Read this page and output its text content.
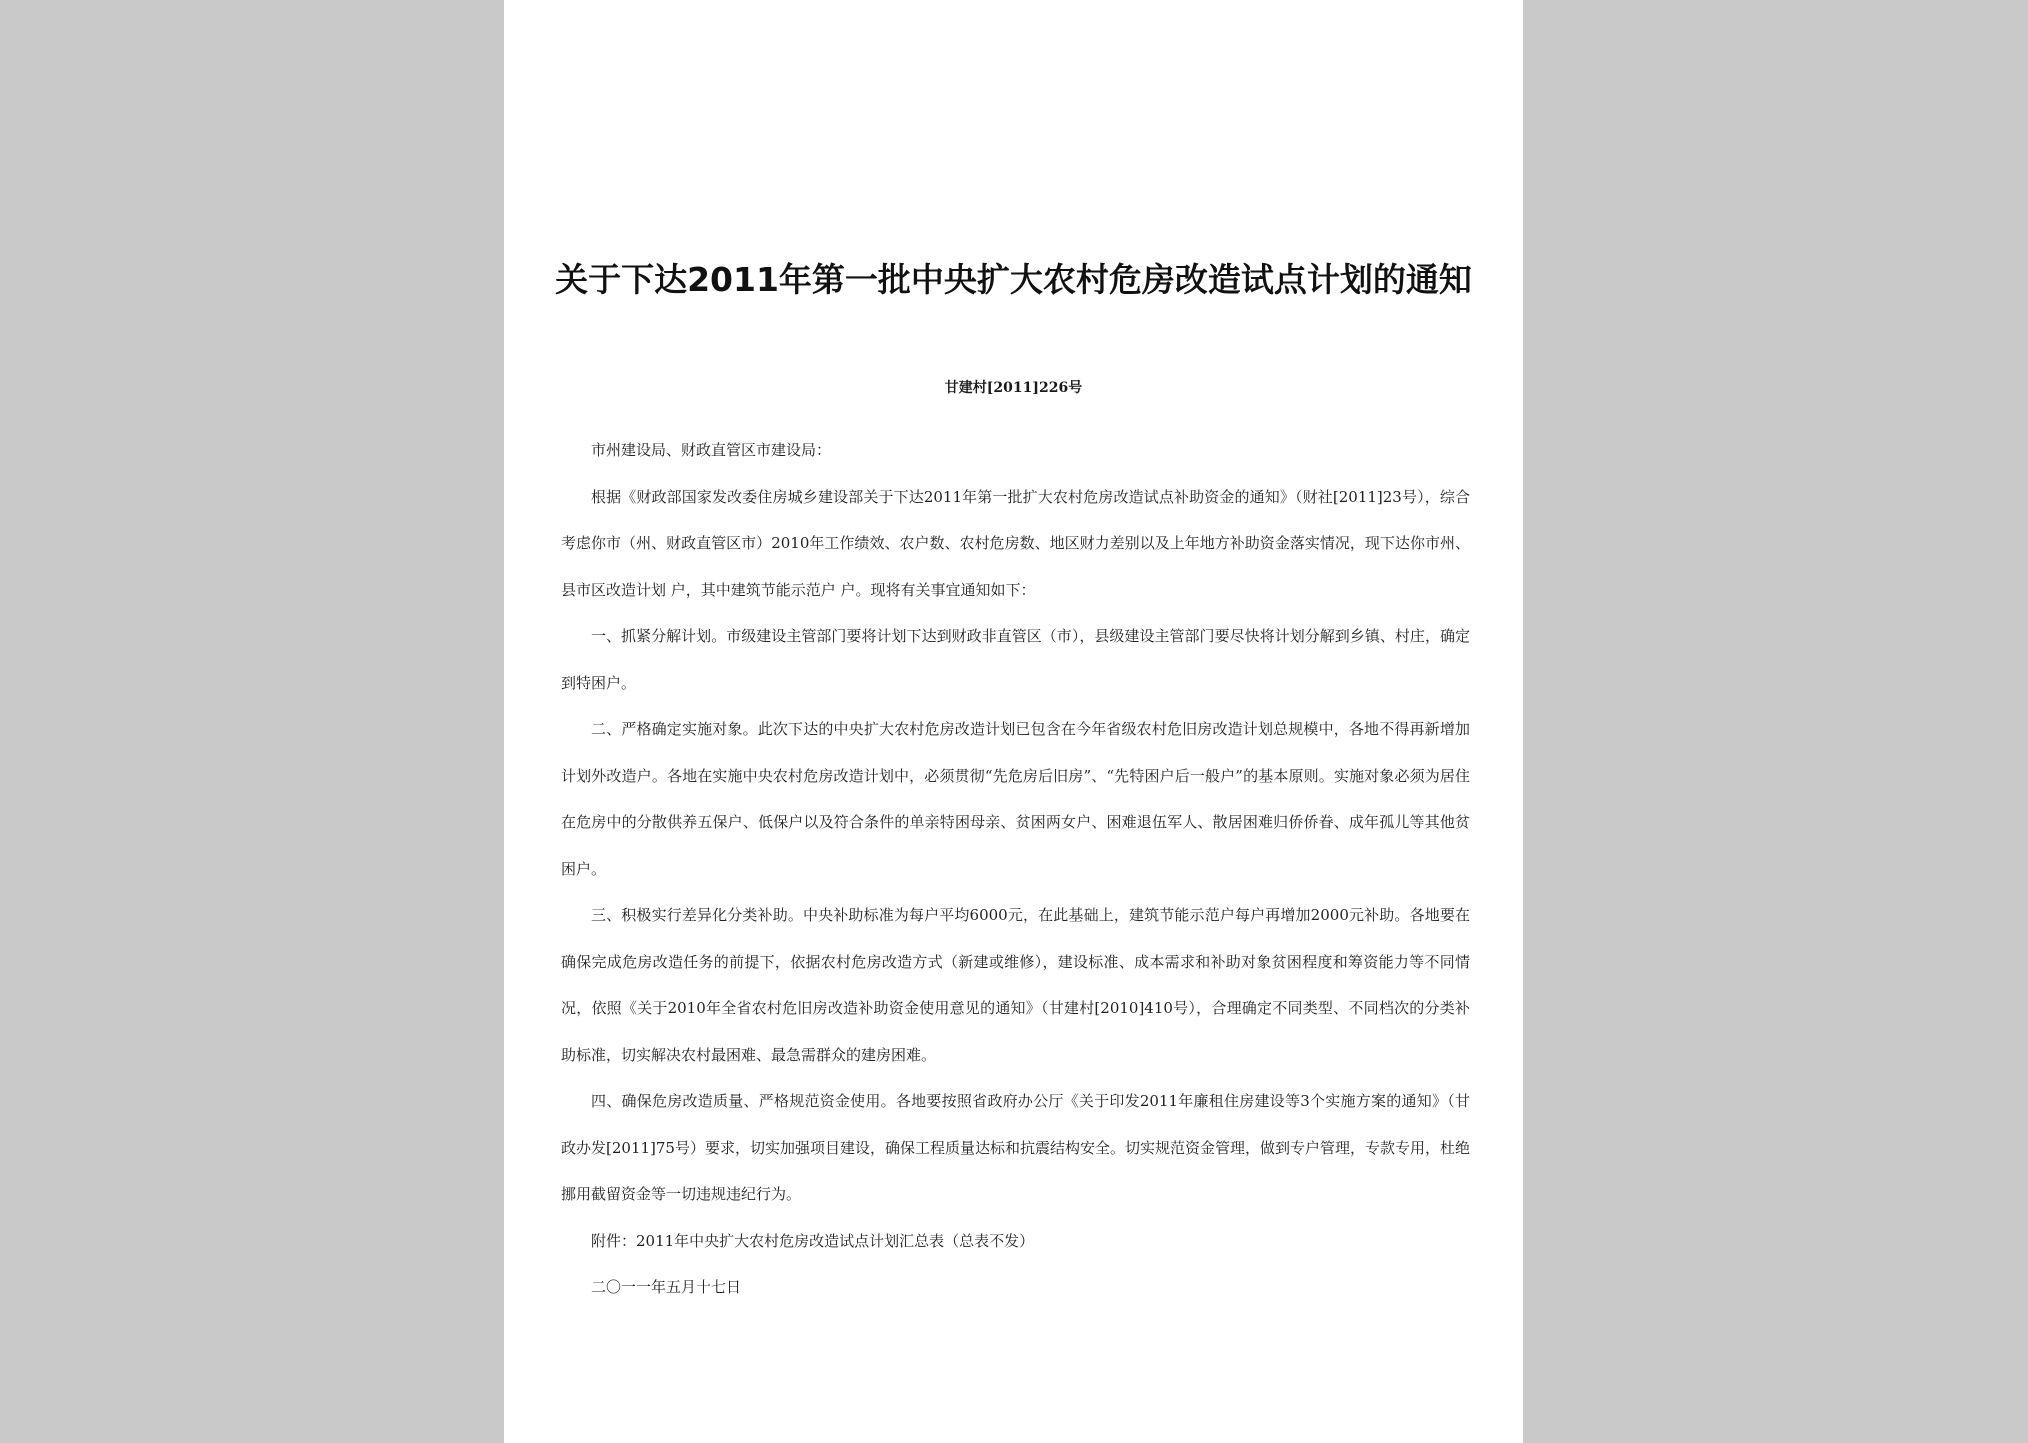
关于下达2011年第一批中央扩大农村危房改造试点计划的通知

甘建村[2011]226号

市州建设局、财政直管区市建设局：

根据《财政部国家发改委住房城乡建设部关于下达2011年第一批扩大农村危房改造试点补助资金的通知》（财社[2011]23号），综合考虑你市（州、财政直管区市）2010年工作绩效、农户数、农村危房数、地区财力差别以及上年地方补助资金落实情况，现下达你市州、县市区改造计划 户，其中建筑节能示范户 户。现将有关事宜通知如下：

一、抓紧分解计划。市级建设主管部门要将计划下达到财政非直管区（市），县级建设主管部门要尽快将计划分解到乡镇、村庄，确定到特困户。

二、严格确定实施对象。此次下达的中央扩大农村危房改造计划已包含在今年省级农村危旧房改造计划总规模中，各地不得再新增加计划外改造户。各地在实施中央农村危房改造计划中，必须贯彻“先危房后旧房”、“先特困户后一般户”的基本原则。实施对象必须为居住在危房中的分散供养五保户、低保户以及符合条件的单亲特困母亲、贫困两女户、困难退伍军人、散居困难归侨侨眷、成年孤儿等其他贫困户。

三、积极实行差异化分类补助。中央补助标准为每户平均6000元，在此基础上，建筑节能示范户每户再增加2000元补助。各地要在确保完成危房改造任务的前提下，依据农村危房改造方式（新建或维修），建设标准、成本需求和补助对象贫困程度和筹资能力等不同情况，依照《关于2010年全省农村危旧房改造补助资金使用意见的通知》（甘建村[2010]410号），合理确定不同类型、不同档次的分类补助标准，切实解决农村最困难、最急需群众的建房困难。

四、确保危房改造质量、严格规范资金使用。各地要按照省政府办公厅《关于印发2011年廉租住房建设等3个实施方案的通知》（甘政办发[2011]75号）要求，切实加强项目建设，确保工程质量达标和抗震结构安全。切实规范资金管理，做到专户管理，专款专用，杜绝挪用截留资金等一切违规违纪行为。

附件：2011年中央扩大农村危房改造试点计划汇总表（总表不发）

二〇一一年五月十七日
